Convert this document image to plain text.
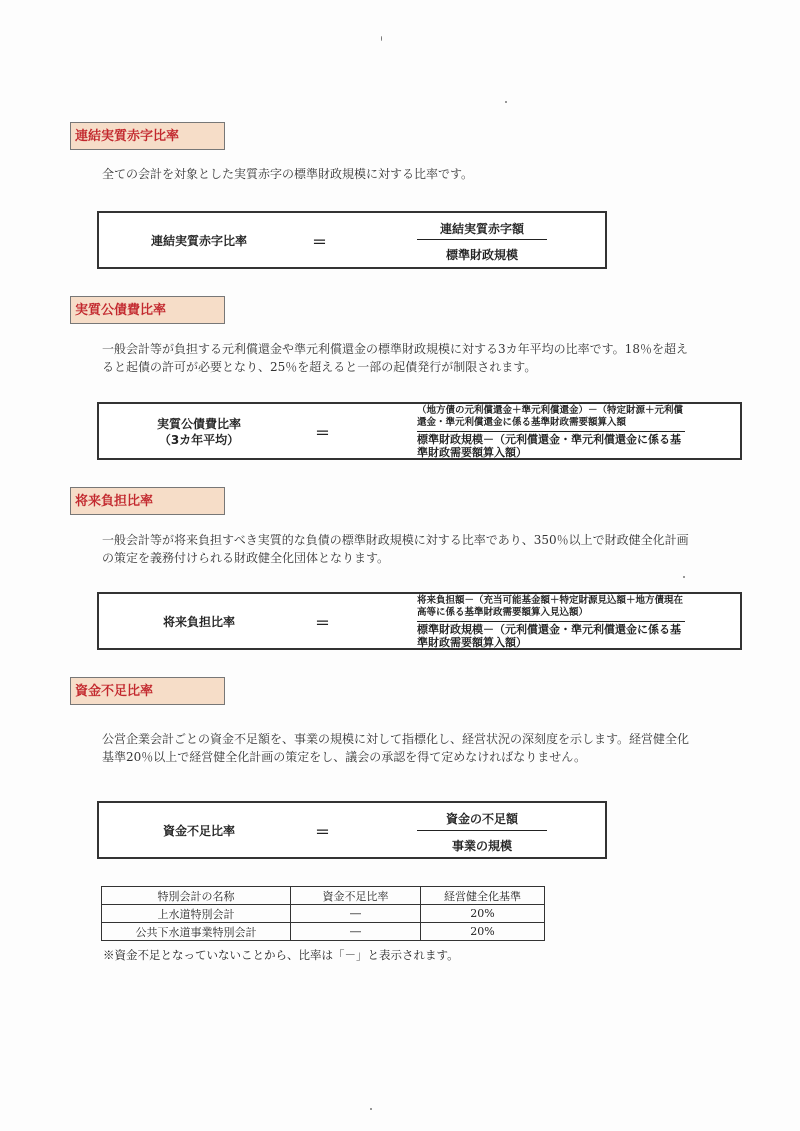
連結実質赤字比率
全ての会計を対象とした実質赤字の標準財政規模に対する比率です。
連結実質赤字比率	＝
連結実質赤字額
標準財政規模
実質公債費比率
一般会計等が負担する元利償還金や準元利償還金の標準財政規模に対する3カ年平均の比率です。18％を超えると起債の許可が必要となり、25％を超えると一部の起債発行が制限されます。
実質公債費比率
（3カ年平均）	＝
（地方債の元利償還金＋準元利償還金）－（特定財源＋元利償還金・準元利償還金に係る基準財政需要額算入額
標準財政規模－（元利償還金・準元利償還金に係る基準財政需要額算入額）
将来負担比率
一般会計等が将来負担すべき実質的な負債の標準財政規模に対する比率であり、350％以上で財政健全化計画の策定を義務付けられる財政健全化団体となります。
将来負担比率	＝
将来負担額－（充当可能基金額＋特定財源見込額＋地方債現在高等に係る基準財政需要額算入見込額）
標準財政規模－（元利償還金・準元利償還金に係る基準財政需要額算入額）
資金不足比率
公営企業会計ごとの資金不足額を、事業の規模に対して指標化し、経営状況の深刻度を示します。経営健全化基準20％以上で経営健全化計画の策定をし、議会の承認を得て定めなければなりません。
資金不足比率	＝
資金の不足額
事業の規模
特別会計の名称	資金不足比率	経営健全化基準
上水道特別会計	―	20%
公共下水道事業特別会計	―	20%
※資金不足となっていないことから、比率は「－」と表示されます。
